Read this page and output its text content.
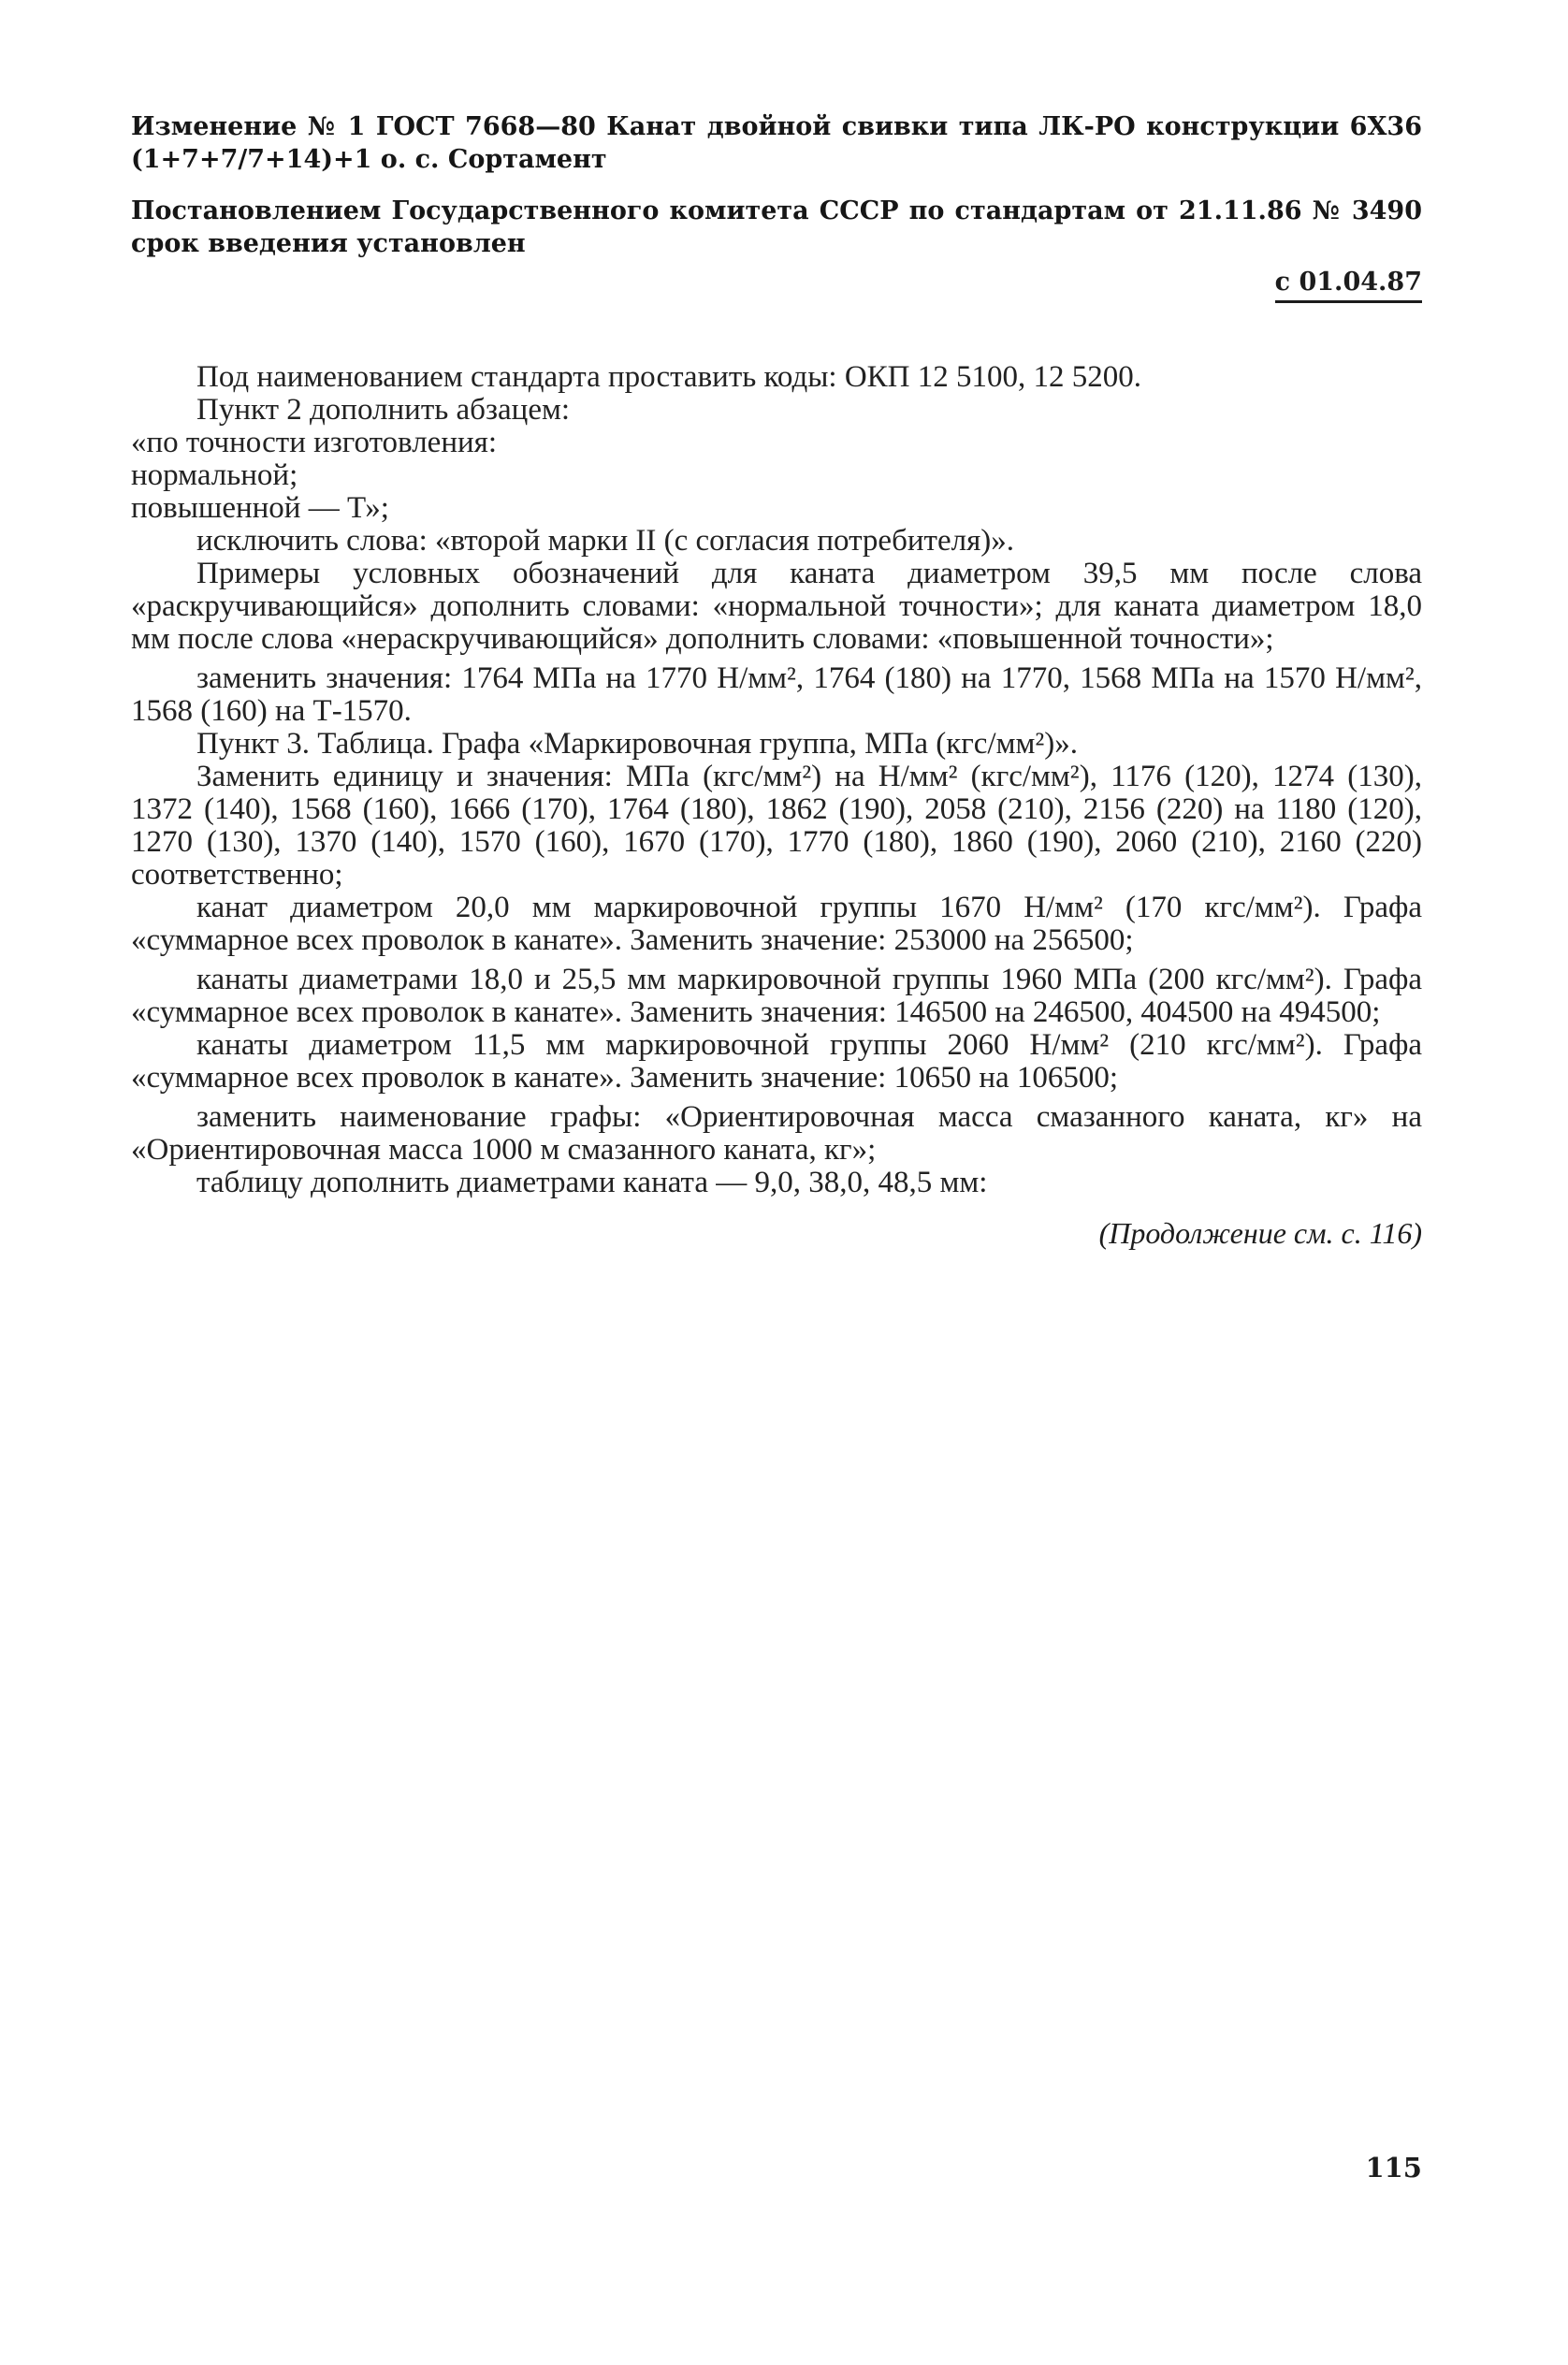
Изменение № 1 ГОСТ 7668—80 Канат двойной свивки типа ЛК-РО конструкции 6Х36 (1+7+7/7+14)+1 о. с. Сортамент

Постановлением Государственного комитета СССР по стандартам от 21.11.86 № 3490 срок введения установлен

с 01.04.87

Под наименованием стандарта проставить коды: ОКП 12 5100, 12 5200.

Пункт 2 дополнить абзацем:

«по точности изготовления:

нормальной;

повышенной — Т»;

исключить слова: «второй марки II (с согласия потребителя)».

Примеры условных обозначений для каната диаметром 39,5 мм после слова «раскручивающийся» дополнить словами: «нормальной точности»; для каната диаметром 18,0 мм после слова «нераскручивающийся» дополнить словами: «повышенной точности»;

заменить значения: 1764 МПа на 1770 Н/мм², 1764 (180) на 1770, 1568 МПа на 1570 Н/мм², 1568 (160) на Т-1570.

Пункт 3. Таблица. Графа «Маркировочная группа, МПа (кгс/мм²)».

Заменить единицу и значения: МПа (кгс/мм²) на Н/мм² (кгс/мм²), 1176 (120), 1274 (130), 1372 (140), 1568 (160), 1666 (170), 1764 (180), 1862 (190), 2058 (210), 2156 (220) на 1180 (120), 1270 (130), 1370 (140), 1570 (160), 1670 (170), 1770 (180), 1860 (190), 2060 (210), 2160 (220) соответственно;

канат диаметром 20,0 мм маркировочной группы 1670 Н/мм² (170 кгс/мм²). Графа «суммарное всех проволок в канате». Заменить значение: 253000 на 256500;

канаты диаметрами 18,0 и 25,5 мм маркировочной группы 1960 МПа (200 кгс/мм²). Графа «суммарное всех проволок в канате». Заменить значения: 146500 на 246500, 404500 на 494500;

канаты диаметром 11,5 мм маркировочной группы 2060 Н/мм² (210 кгс/мм²). Графа «суммарное всех проволок в канате». Заменить значение: 10650 на 106500;

заменить наименование графы: «Ориентировочная масса смазанного каната, кг» на «Ориентировочная масса 1000 м смазанного каната, кг»;

таблицу дополнить диаметрами каната — 9,0, 38,0, 48,5 мм:

(Продолжение см. с. 116)
115
